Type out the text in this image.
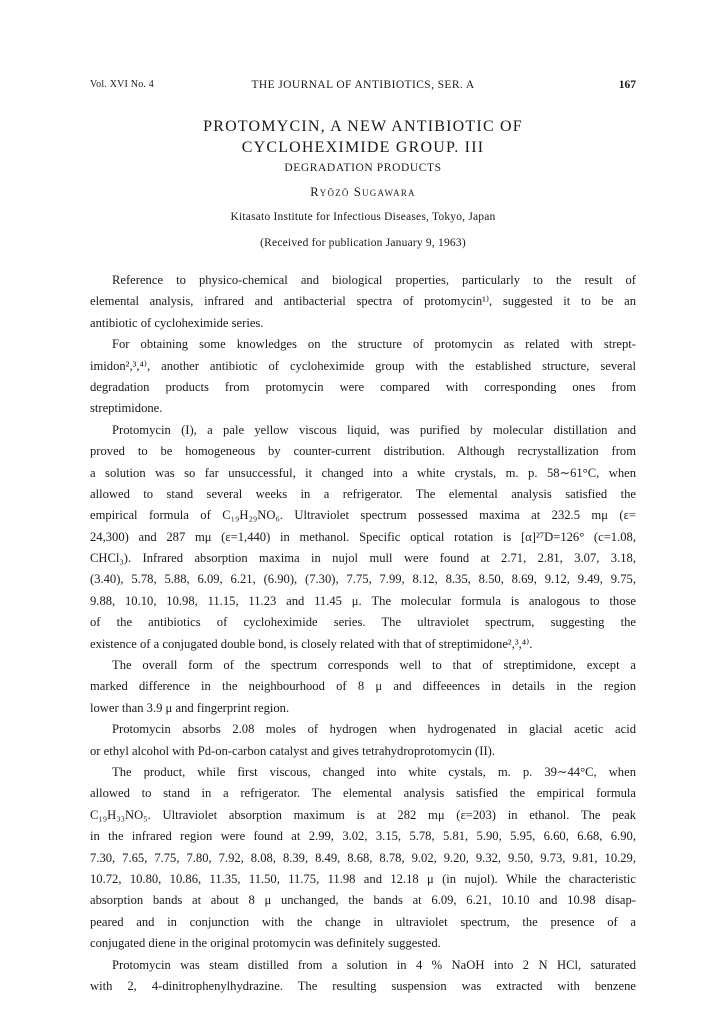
Vol. XVI No. 4	THE JOURNAL OF ANTIBIOTICS, SER. A	167
PROTOMYCIN, A NEW ANTIBIOTIC OF
CYCLOHEXIMIDE GROUP. III
DEGRADATION PRODUCTS
Ryōzō Sugawara
Kitasato Institute for Infectious Diseases, Tokyo, Japan
(Received for publication January 9, 1963)
Reference to physico-chemical and biological properties, particularly to the result of
elemental analysis, infrared and antibacterial spectra of protomycin¹⁾, suggested it to be an
antibiotic of cycloheximide series.
For obtaining some knowledges on the structure of protomycin as related with strept-
imidon²,³,⁴⁾, another antibiotic of cycloheximide group with the established structure, several
degradation products from protomycin were compared with corresponding ones from
streptimidone.
Protomycin (I), a pale yellow viscous liquid, was purified by molecular distillation and
proved to be homogeneous by counter-current distribution. Although recrystallization from
a solution was so far unsuccessful, it changed into a white crystals, m. p. 58∼61°C, when
allowed to stand several weeks in a refrigerator. The elemental analysis satisfied the
empirical formula of C₁₉H₂₉NO₆. Ultraviolet spectrum possessed maxima at 232.5 mμ (ε=
24,300) and 287 mμ (ε=1,440) in methanol. Specific optical rotation is [α]²⁷D=126° (c=1.08,
CHCl₃). Infrared absorption maxima in nujol mull were found at 2.71, 2.81, 3.07, 3.18,
(3.40), 5.78, 5.88, 6.09, 6.21, (6.90), (7.30), 7.75, 7.99, 8.12, 8.35, 8.50, 8.69, 9.12, 9.49, 9.75,
9.88, 10.10, 10.98, 11.15, 11.23 and 11.45 μ. The molecular formula is analogous to those
of the antibiotics of cycloheximide series. The ultraviolet spectrum, suggesting the
existence of a conjugated double bond, is closely related with that of streptimidone²,³,⁴⁾.
The overall form of the spectrum corresponds well to that of streptimidone, except a
marked difference in the neighbourhood of 8 μ and diffeeences in details in the region
lower than 3.9 μ and fingerprint region.
Protomycin absorbs 2.08 moles of hydrogen when hydrogenated in glacial acetic acid
or ethyl alcohol with Pd-on-carbon catalyst and gives tetrahydroprotomycin (II).
The product, while first viscous, changed into white cystals, m. p. 39∼44°C, when
allowed to stand in a refrigerator. The elemental analysis satisfied the empirical formula
C₁₉H₃₃NO₅. Ultraviolet absorption maximum is at 282 mμ (ε=203) in ethanol. The peak
in the infrared region were found at 2.99, 3.02, 3.15, 5.78, 5.81, 5.90, 5.95, 6.60, 6.68, 6.90,
7.30, 7.65, 7.75, 7.80, 7.92, 8.08, 8.39, 8.49, 8.68, 8.78, 9.02, 9.20, 9.32, 9.50, 9.73, 9.81, 10.29,
10.72, 10.80, 10.86, 11.35, 11.50, 11.75, 11.98 and 12.18 μ (in nujol). While the characteristic
absorption bands at about 8 μ unchanged, the bands at 6.09, 6.21, 10.10 and 10.98 disap-
peared and in conjunction with the change in ultraviolet spectrum, the presence of a
conjugated diene in the original protomycin was definitely suggested.
Protomycin was steam distilled from a solution in 4 % NaOH into 2 N HCl, saturated
with 2, 4-dinitrophenylhydrazine. The resulting suspension was extracted with benzene
